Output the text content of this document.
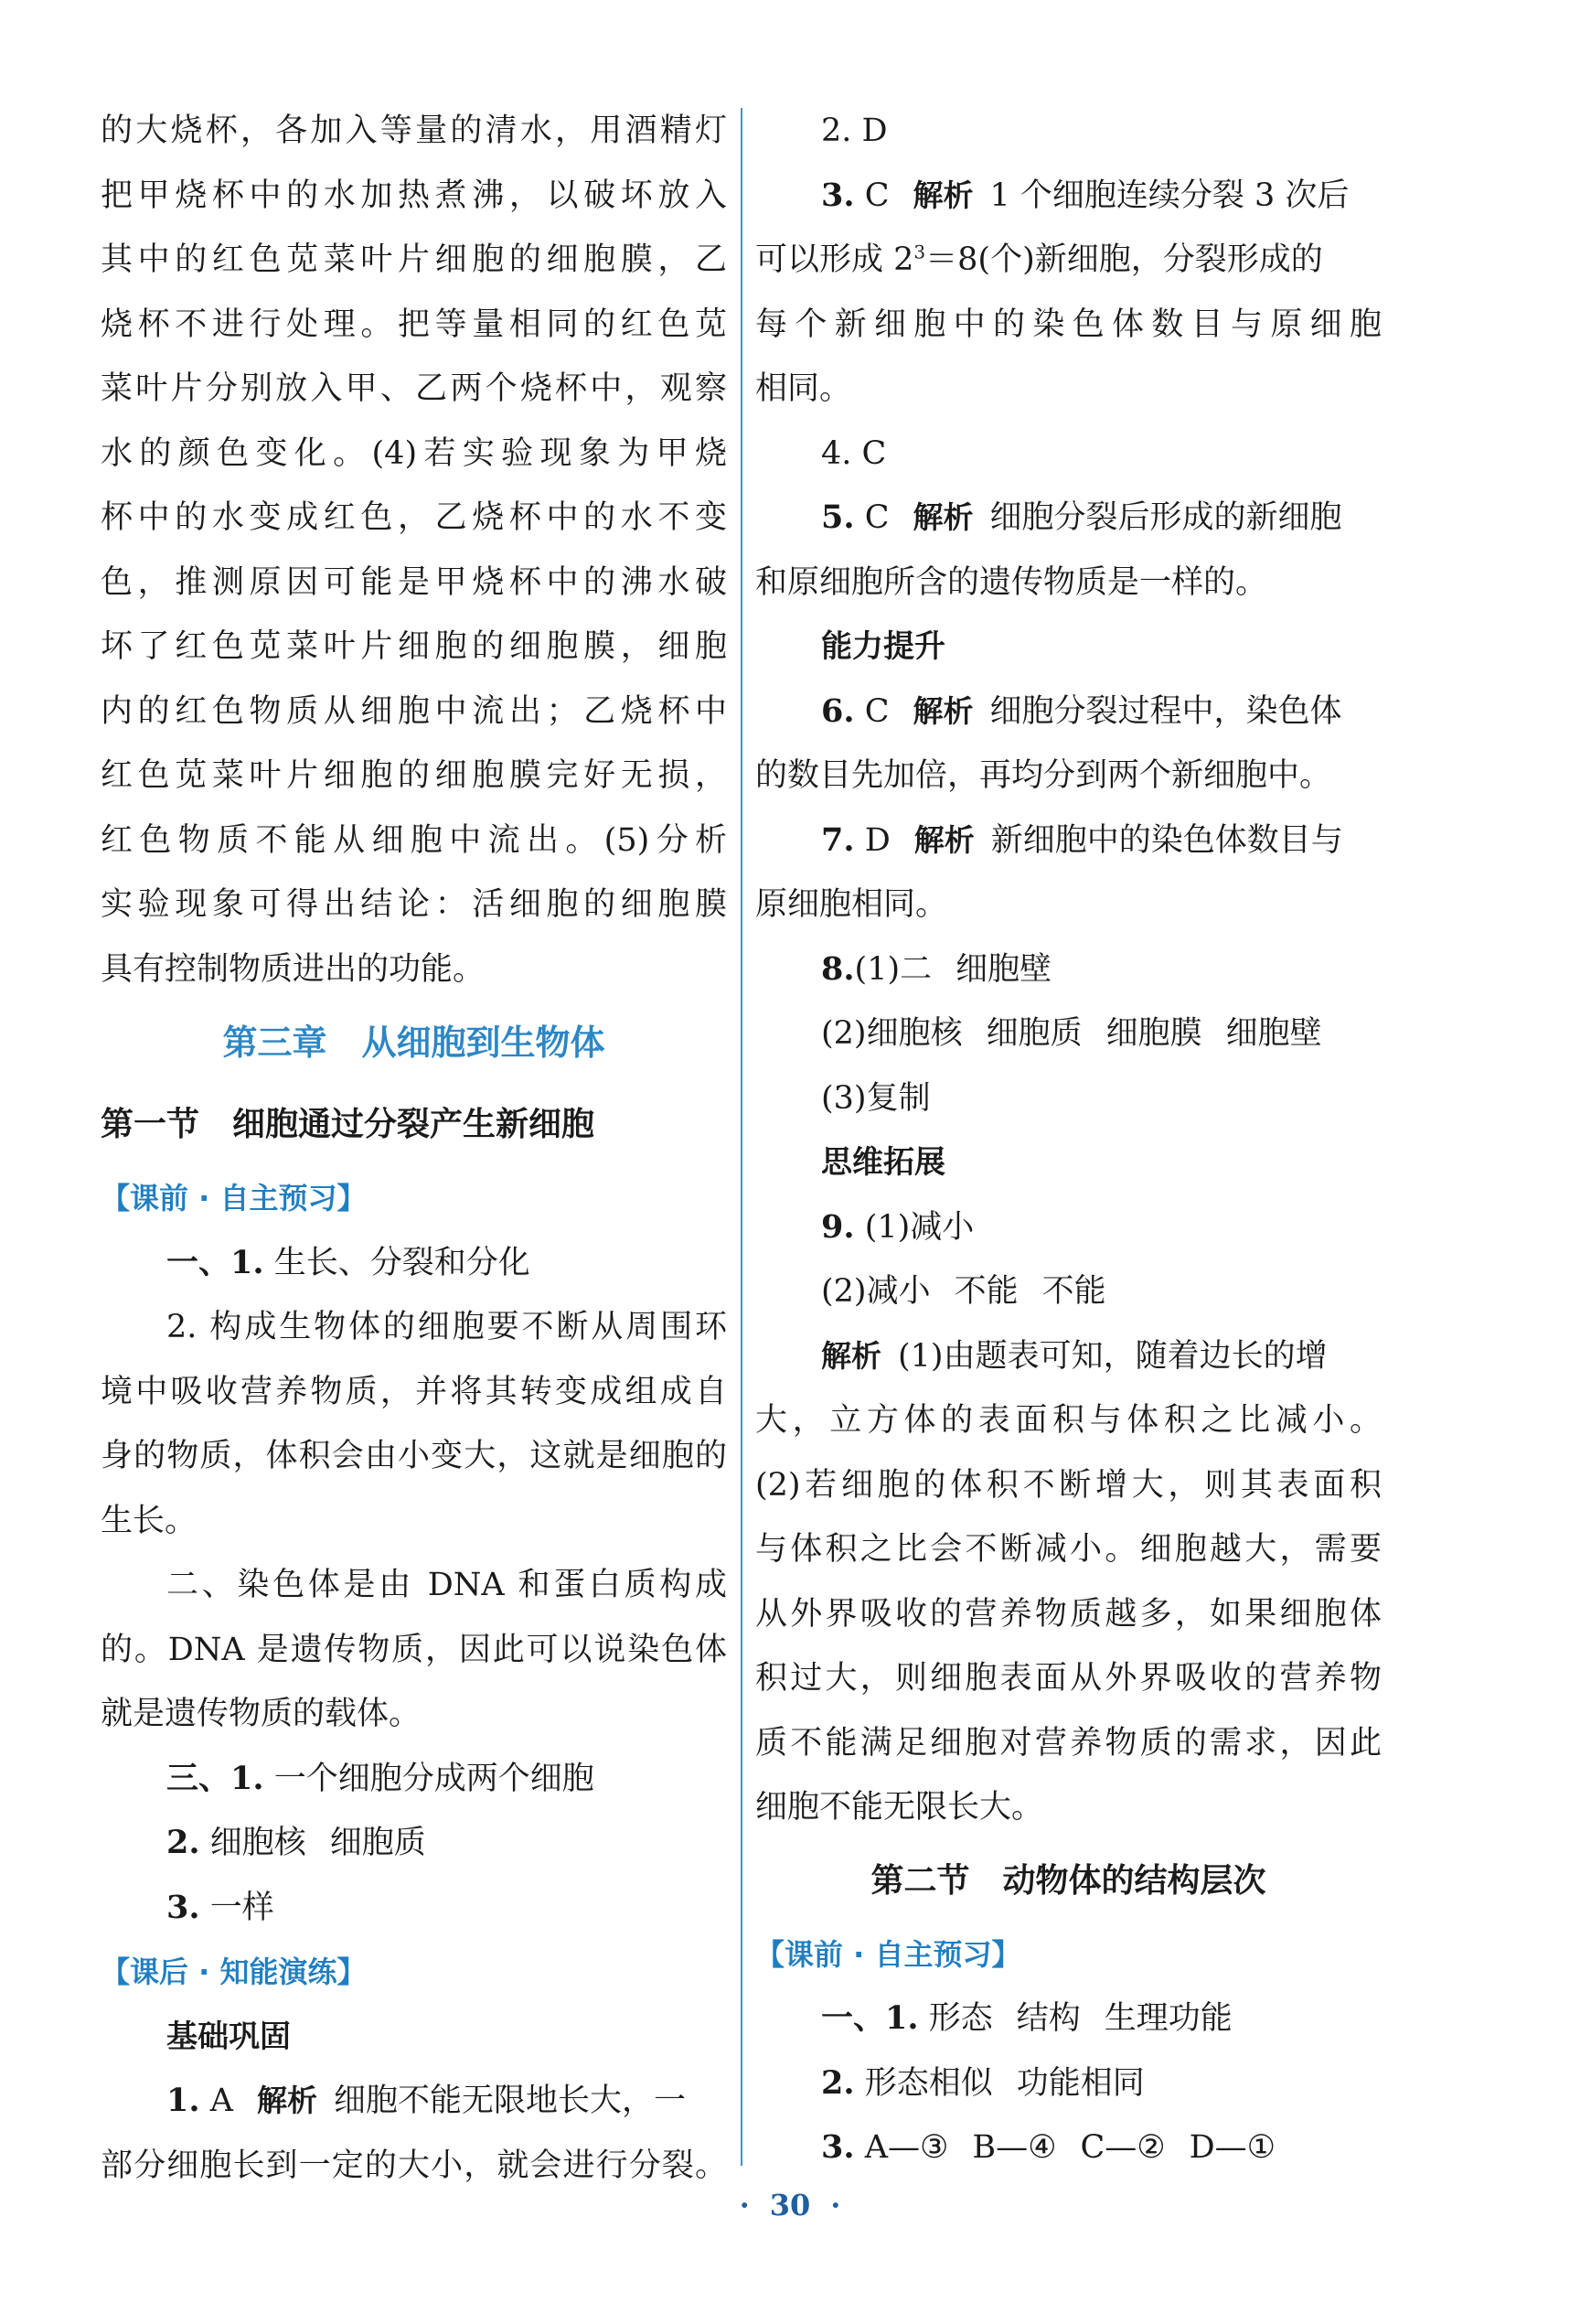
的大烧杯，各加入等量的清水，用酒精灯
把甲烧杯中的水加热煮沸，以破坏放入
其中的红色苋菜叶片细胞的细胞膜，乙
烧杯不进行处理。把等量相同的红色苋
菜叶片分别放入甲、乙两个烧杯中，观察
水的颜色变化。(4)若实验现象为甲烧
杯中的水变成红色，乙烧杯中的水不变
色，推测原因可能是甲烧杯中的沸水破
坏了红色苋菜叶片细胞的细胞膜，细胞
内的红色物质从细胞中流出；乙烧杯中
红色苋菜叶片细胞的细胞膜完好无损，
红色物质不能从细胞中流出。(5)分析
实验现象可得出结论：活细胞的细胞膜
具有控制物质进出的功能。
第三章　从细胞到生物体
第一节　细胞通过分裂产生新细胞
【课前 · 自主预习】
一、1. 生长、分裂和分化
2. 构成生物体的细胞要不断从周围环
境中吸收营养物质，并将其转变成组成自
身的物质，体积会由小变大，这就是细胞的
生长。
二、染色体是由 DNA 和蛋白质构成
的。DNA 是遗传物质，因此可以说染色体
就是遗传物质的载体。
三、1. 一个细胞分成两个细胞
2. 细胞核 细胞质
3. 一样
【课后 · 知能演练】
基础巩固
1. A 解析 细胞不能无限地长大，一
部分细胞长到一定的大小，就会进行分裂。
2. D
3. C 解析 1 个细胞连续分裂 3 次后
可以形成 $2^3=8$(个)新细胞，分裂形成的
每个新细胞中的染色体数目与原细胞
相同。
4. C
5. C 解析 细胞分裂后形成的新细胞
和原细胞所含的遗传物质是一样的。
能力提升
6. C 解析 细胞分裂过程中，染色体
的数目先加倍，再均分到两个新细胞中。
7. D 解析 新细胞中的染色体数目与
原细胞相同。
8.(1)二 细胞壁
(2)细胞核 细胞质 细胞膜 细胞壁
(3)复制
思维拓展
9. (1)减小
(2)减小 不能 不能
解析 (1)由题表可知，随着边长的增
大，立方体的表面积与体积之比减小。
(2)若细胞的体积不断增大，则其表面积
与体积之比会不断减小。细胞越大，需要
从外界吸收的营养物质越多，如果细胞体
积过大，则细胞表面从外界吸收的营养物
质不能满足细胞对营养物质的需求，因此
细胞不能无限长大。
第二节　动物体的结构层次
【课前 · 自主预习】
一、1. 形态 结构 生理功能
2. 形态相似 功能相同
3. A—③ B—④ C—② D—①
· 30 ·
